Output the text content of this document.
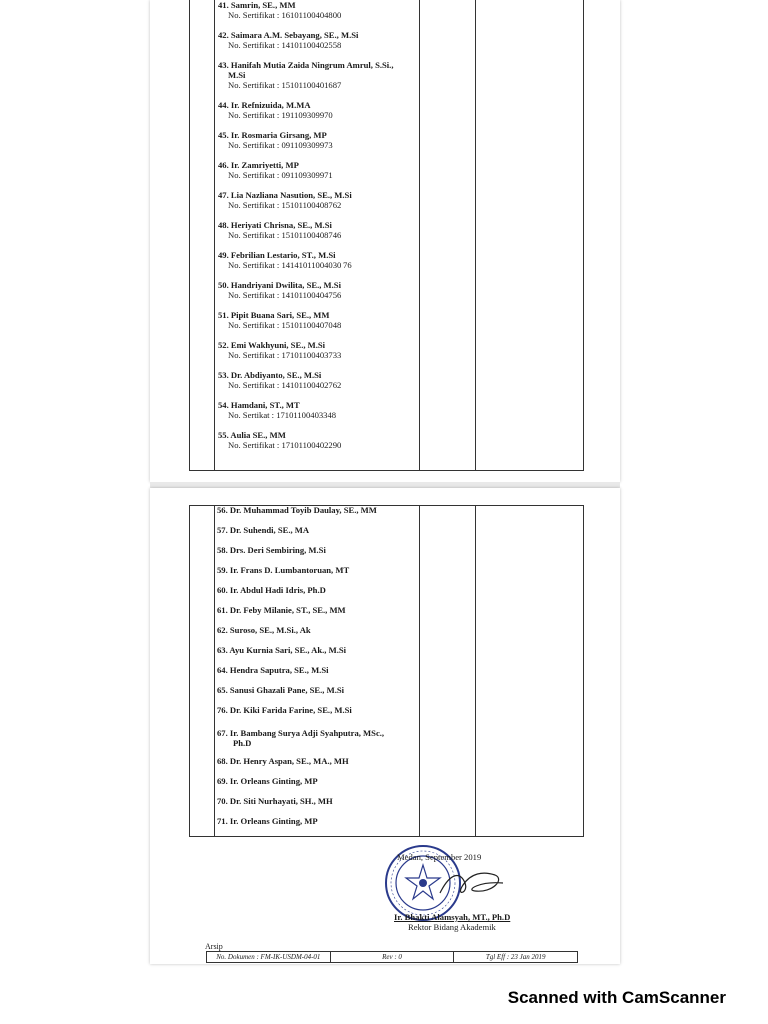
41. Samrin, SE., MM
No. Sertifikat : 16101100404800
42. Saimara A.M. Sebayang, SE., M.Si
No. Sertifikat : 14101100402558
43. Hanifah Mutia Zaida Ningrum Amrul, S.Si.,
M.Si
No. Sertifikat : 15101100401687
44. Ir. Refnizuida, M.MA
No. Sertifikat : 191109309970
45. Ir. Rosmaria Girsang, MP
No. Sertifikat : 091109309973
46. Ir. Zamriyetti, MP
No. Sertifikat : 091109309971
47. Lia Nazliana Nasution, SE., M.Si
No. Sertifikat : 15101100408762
48. Heriyati Chrisna, SE., M.Si
No. Sertifikat : 15101100408746
49. Febrilian Lestario, ST., M.Si
No. Sertifikat : 14141011004030 76
50. Handriyani Dwilita, SE., M.Si
No. Sertifikat : 14101100404756
51. Pipit Buana Sari, SE., MM
No. Sertifikat : 15101100407048
52. Emi Wakhyuni, SE., M.Si
No. Sertifikat : 17101100403733
53. Dr. Abdiyanto, SE., M.Si
No. Sertifikat : 14101100402762
54. Hamdani, ST., MT
No. Sertikat : 17101100403348
55. Aulia SE., MM
No. Sertifikat : 17101100402290
56. Dr. Muhammad Toyib Daulay, SE., MM
57. Dr. Suhendi, SE., MA
58. Drs. Deri Sembiring, M.Si
59. Ir. Frans D. Lumbantoruan, MT
60. Ir. Abdul Hadi Idris, Ph.D
61. Dr. Feby Milanie, ST., SE., MM
62. Suroso, SE., M.Si., Ak
63. Ayu Kurnia Sari, SE., Ak., M.Si
64. Hendra Saputra, SE., M.Si
65. Sanusi Ghazali Pane, SE., M.Si
76. Dr. Kiki Farida Farine, SE., M.Si
67. Ir. Bambang Surya Adji Syahputra, MSc.,
68. Dr. Henry Aspan, SE., MA., MH
69. Ir. Orleans Ginting, MP
70. Dr. Siti Nurhayati, SH., MH
71. Ir. Orleans Ginting, MP
Ph.D
Medan, September 2019
Ir. Bhakti Alamsyah, MT., Ph.D
Rektor Bidang Akademik
Arsip
No. Dokumen : FM-IK-USDM-04-01	Rev : 0	Tgl Eff : 23 Jan 2019
Scanned with CamScanner
